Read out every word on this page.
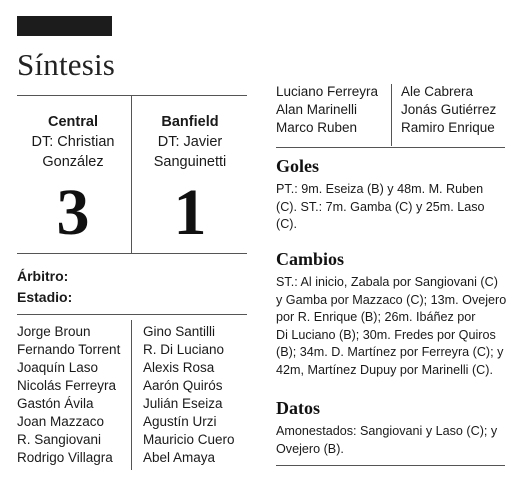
Síntesis
Central
DT: Christian
González
Banfield
DT: Javier
Sanguinetti
3	1
Árbitro:
Estadio:
Jorge Broun
Fernando Torrent
Joaquín Laso
Nicolás Ferreyra
Gastón Ávila
Joan Mazzaco
R. Sangiovani
Rodrigo Villagra
Gino Santilli
R. Di Luciano
Alexis Rosa
Aarón Quirós
Julián Eseiza
Agustín Urzi
Mauricio Cuero
Abel Amaya
Luciano Ferreyra
Alan Marinelli
Marco Ruben
Ale Cabrera
Jonás Gutiérrez
Ramiro Enrique
Goles
PT.: 9m. Eseiza (B) y 48m. M. Ruben
(C). ST.: 7m. Gamba (C) y 25m. Laso
(C).
Cambios
ST.: Al inicio, Zabala por Sangiovani (C)
y Gamba por Mazzaco (C); 13m. Ovejero
por R. Enrique (B); 26m. Ibáñez por
Di Luciano (B); 30m. Fredes por Quiros
(B); 34m. D. Martínez por Ferreyra (C); y
42m, Martínez Dupuy por Marinelli (C).
Datos
Amonestados: Sangiovani y Laso (C); y
Ovejero (B).
